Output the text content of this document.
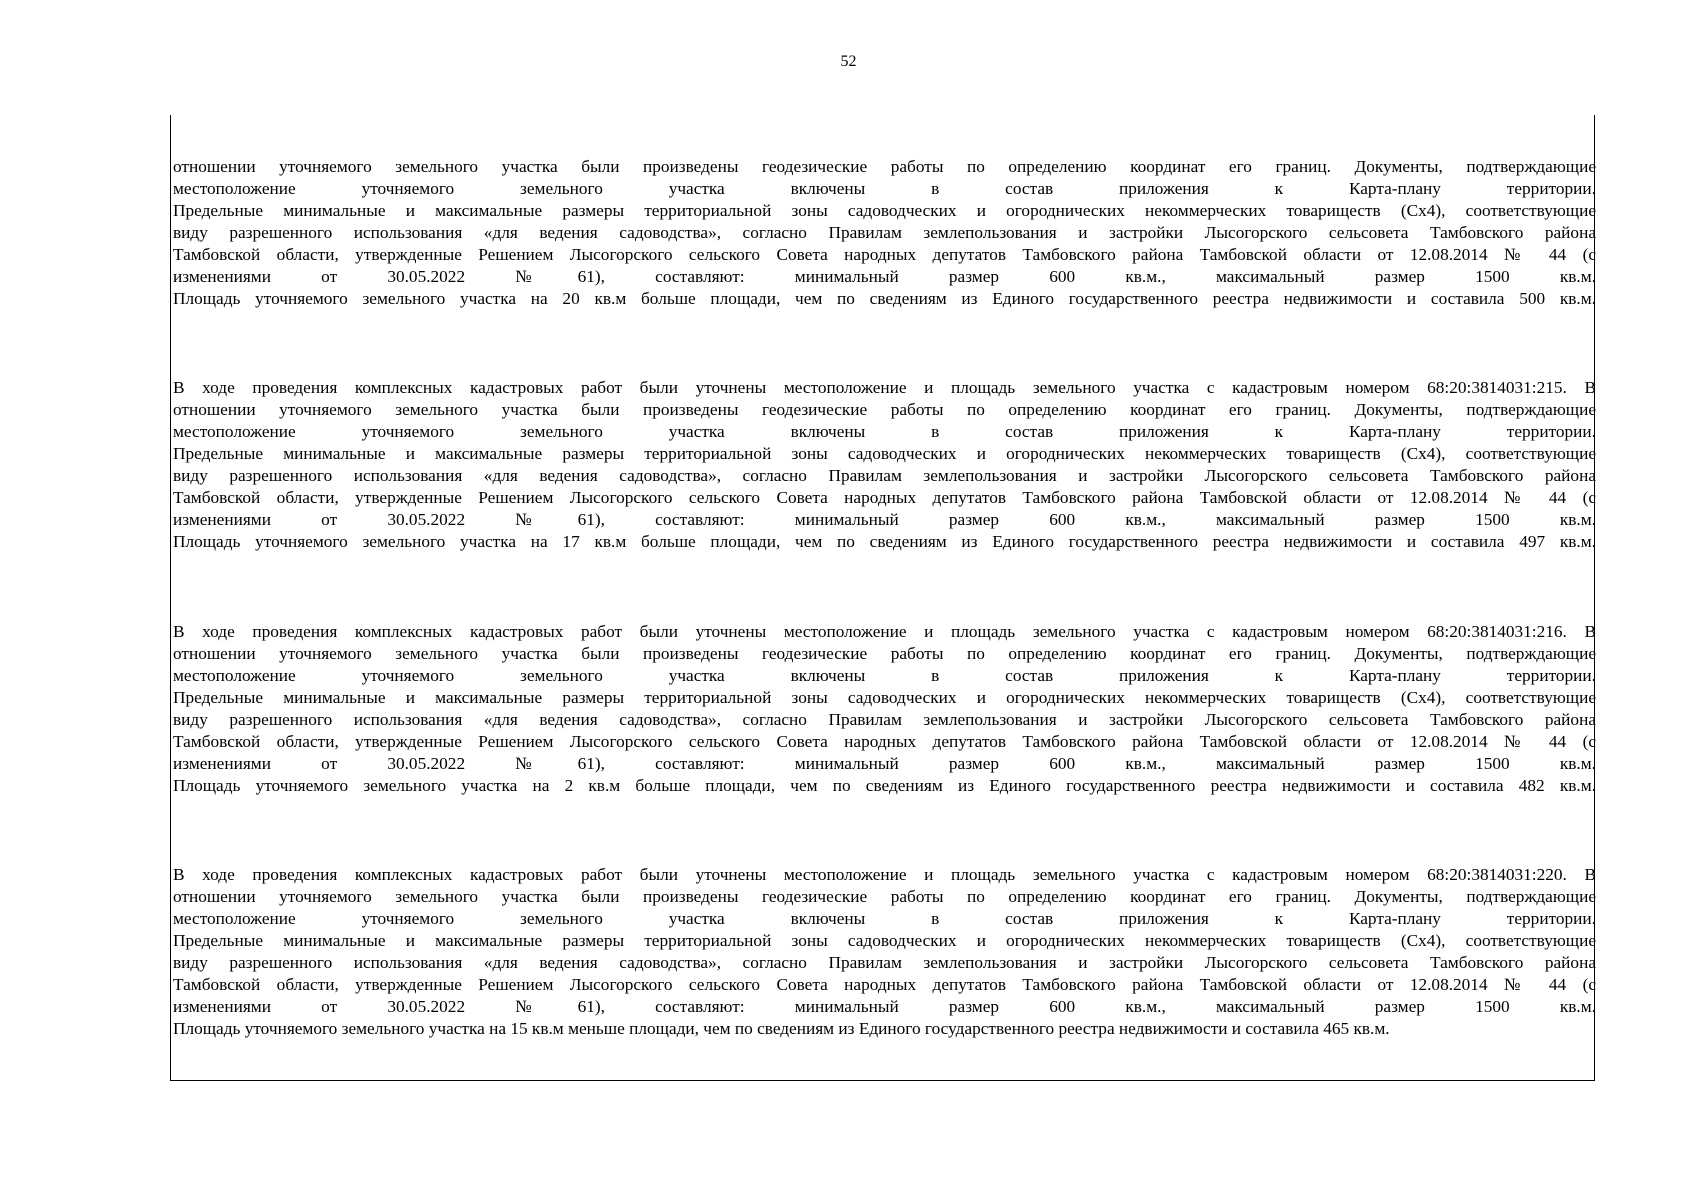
52
отношении уточняемого земельного участка были произведены геодезические работы по определению координат его границ. Документы, подтверждающие
местоположение уточняемого земельного участка включены в состав приложения к Карта-плану территории.
Предельные минимальные и максимальные размеры территориальной зоны садоводческих и огороднических некоммерческих товариществ (Сх4), соответствующие
виду разрешенного использования «для ведения садоводства», согласно Правилам землепользования и застройки Лысогорского сельсовета Тамбовского района
Тамбовской области, утвержденные Решением Лысогорского сельского Совета народных депутатов Тамбовского района Тамбовской области от 12.08.2014 № 44 (с
изменениями от 30.05.2022 №61), составляют: минимальный размер 600 кв.м., максимальный размер 1500 кв.м.
Площадь уточняемого земельного участка на 20 кв.м больше площади, чем по сведениям из Единого государственного реестра недвижимости и составила 500 кв.м.
В ходе проведения комплексных кадастровых работ были уточнены местоположение и площадь земельного участка с кадастровым номером 68:20:3814031:215. В
отношении уточняемого земельного участка были произведены геодезические работы по определению координат его границ. Документы, подтверждающие
местоположение уточняемого земельного участка включены в состав приложения к Карта-плану территории.
Предельные минимальные и максимальные размеры территориальной зоны садоводческих и огороднических некоммерческих товариществ (Сх4), соответствующие
виду разрешенного использования «для ведения садоводства», согласно Правилам землепользования и застройки Лысогорского сельсовета Тамбовского района
Тамбовской области, утвержденные Решением Лысогорского сельского Совета народных депутатов Тамбовского района Тамбовской области от 12.08.2014 № 44 (с
изменениями от 30.05.2022 №61), составляют: минимальный размер 600 кв.м., максимальный размер 1500 кв.м.
Площадь уточняемого земельного участка на 17 кв.м больше площади, чем по сведениям из Единого государственного реестра недвижимости и составила 497 кв.м.
В ходе проведения комплексных кадастровых работ были уточнены местоположение и площадь земельного участка с кадастровым номером 68:20:3814031:216. В
отношении уточняемого земельного участка были произведены геодезические работы по определению координат его границ. Документы, подтверждающие
местоположение уточняемого земельного участка включены в состав приложения к Карта-плану территории.
Предельные минимальные и максимальные размеры территориальной зоны садоводческих и огороднических некоммерческих товариществ (Сх4), соответствующие
виду разрешенного использования «для ведения садоводства», согласно Правилам землепользования и застройки Лысогорского сельсовета Тамбовского района
Тамбовской области, утвержденные Решением Лысогорского сельского Совета народных депутатов Тамбовского района Тамбовской области от 12.08.2014 № 44 (с
изменениями от 30.05.2022 №61), составляют: минимальный размер 600 кв.м., максимальный размер 1500 кв.м.
Площадь уточняемого земельного участка на 2 кв.м больше площади, чем по сведениям из Единого государственного реестра недвижимости и составила 482 кв.м.
В ходе проведения комплексных кадастровых работ были уточнены местоположение и площадь земельного участка с кадастровым номером 68:20:3814031:220. В
отношении уточняемого земельного участка были произведены геодезические работы по определению координат его границ. Документы, подтверждающие
местоположение уточняемого земельного участка включены в состав приложения к Карта-плану территории.
Предельные минимальные и максимальные размеры территориальной зоны садоводческих и огороднических некоммерческих товариществ (Сх4), соответствующие
виду разрешенного использования «для ведения садоводства», согласно Правилам землепользования и застройки Лысогорского сельсовета Тамбовского района
Тамбовской области, утвержденные Решением Лысогорского сельского Совета народных депутатов Тамбовского района Тамбовской области от 12.08.2014 № 44 (с
изменениями от 30.05.2022 №61), составляют: минимальный размер 600 кв.м., максимальный размер 1500 кв.м.
Площадь уточняемого земельного участка на 15 кв.м меньше площади, чем по сведениям из Единого государственного реестра недвижимости и составила 465 кв.м.
